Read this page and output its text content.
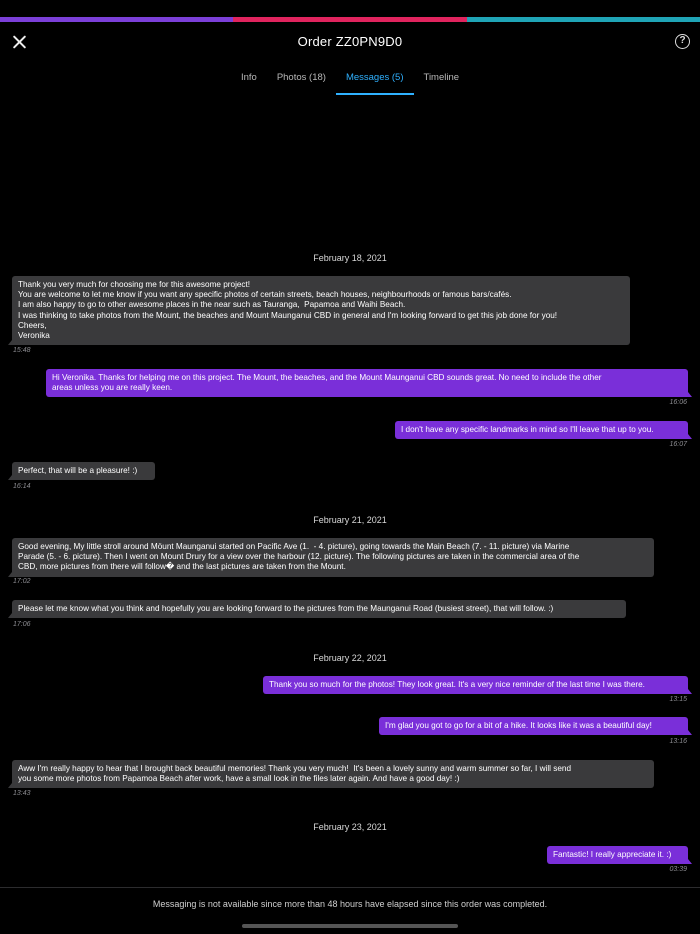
Order ZZ0PN9D0	?
Info	Photos (18)	Messages (5)	Timeline
February 18, 2021
February 21, 2021
February 22, 2021
February 23, 2021
Thank you very much for choosing me for this awesome project!
You are welcome to let me know if you want any specific photos of certain streets, beach houses, neighbourhoods or famous bars/cafés.
I am also happy to go to other awesome places in the near such as Tauranga,  Papamoa and Waihi Beach.
I was thinking to take photos from the Mount, the beaches and Mount Maunganui CBD in general and I'm looking forward to get this job done for you!
Cheers,
Veronika
15:48
Hi Veronika. Thanks for helping me on this project. The Mount, the beaches, and the Mount Maunganui CBD sounds great. No need to include the other
areas unless you are really keen.
16:06
I don't have any specific landmarks in mind so I'll leave that up to you.
16:07
Perfect, that will be a pleasure! :)
16:14
Good evening, My little stroll around Möunt Maunganui started on Pacific Ave (1.  - 4. picture), going towards the Main Beach (7. - 11. picture) via Marine
Parade (5. - 6. picture). Then I went on Mount Drury for a view over the harbour (12. picture). The following pictures are taken in the commercial area of the
CBD, more pictures from there will follow� and the last pictures are taken from the Mount.
17:02
Please let me know what you think and hopefully you are looking forward to the pictures from the Maunganui Road (busiest street), that will follow. :)
17:06
Thank you so much for the photos! They look great. It's a very nice reminder of the last time I was there.
13:15
I'm glad you got to go for a bit of a hike. It looks like it was a beautiful day!
13:16
Aww I'm really happy to hear that I brought back beautiful memories! Thank you very much!  It's been a lovely sunny and warm summer so far, I will send
you some more photos from Papamoa Beach after work, have a small look in the files later again. And have a good day! :)
13:43
Fantastic! I really appreciate it. :)
03:39
Messaging is not available since more than 48 hours have elapsed since this order was completed.
